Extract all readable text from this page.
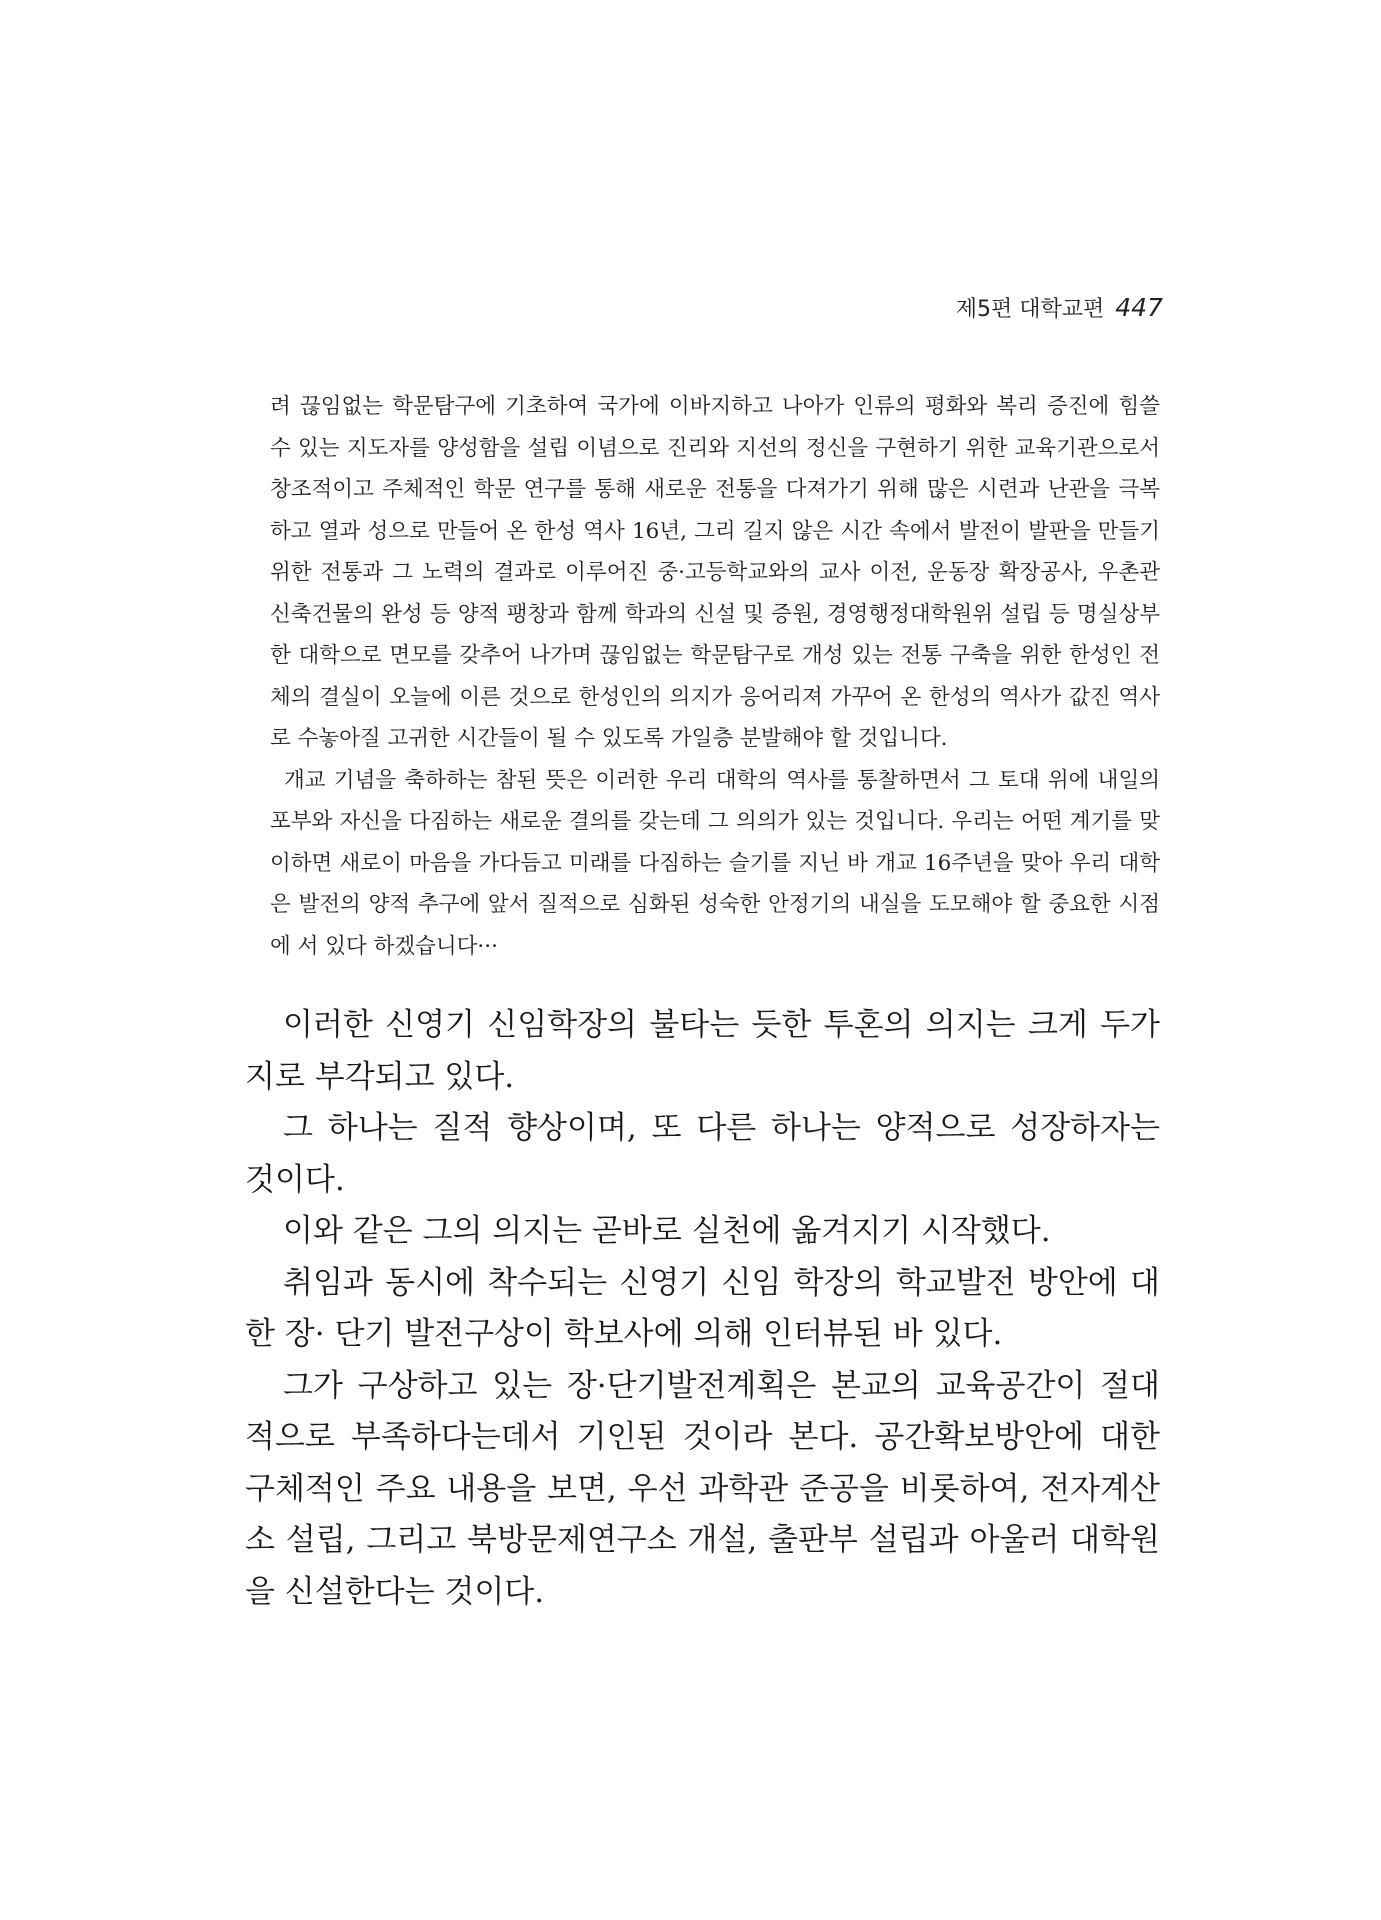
제5편 대학교편 447

려 끊임없는 학문탐구에 기초하여 국가에 이바지하고 나아가 인류의 평화와 복리 증진에 힘쓸 수 있는 지도자를 양성함을 설립 이념으로 진리와 지선의 정신을 구현하기 위한 교육기관으로서 창조적이고 주체적인 학문 연구를 통해 새로운 전통을 다져가기 위해 많은 시련과 난관을 극복하고 열과 성으로 만들어 온 한성 역사 16년, 그리 길지 않은 시간 속에서 발전이 발판을 만들기 위한 전통과 그 노력의 결과로 이루어진 중·고등학교와의 교사 이전, 운동장 확장공사, 우촌관 신축건물의 완성 등 양적 팽창과 함께 학과의 신설 및 증원, 경영행정대학원위 설립 등 명실상부한 대학으로 면모를 갖추어 나가며 끊임없는 학문탐구로 개성 있는 전통 구축을 위한 한성인 전체의 결실이 오늘에 이른 것으로 한성인의 의지가 응어리져 가꾸어 온 한성의 역사가 값진 역사로 수놓아질 고귀한 시간들이 될 수 있도록 가일층 분발해야 할 것입니다.

개교 기념을 축하하는 참된 뜻은 이러한 우리 대학의 역사를 통찰하면서 그 토대 위에 내일의 포부와 자신을 다짐하는 새로운 결의를 갖는데 그 의의가 있는 것입니다. 우리는 어떤 계기를 맞이하면 새로이 마음을 가다듬고 미래를 다짐하는 슬기를 지닌 바 개교 16주년을 맞아 우리 대학은 발전의 양적 추구에 앞서 질적으로 심화된 성숙한 안정기의 내실을 도모해야 할 중요한 시점에 서 있다 하겠습니다···

이러한 신영기 신임학장의 불타는 듯한 투혼의 의지는 크게 두가지로 부각되고 있다.

그 하나는 질적 향상이며, 또 다른 하나는 양적으로 성장하자는 것이다.

이와 같은 그의 의지는 곧바로 실천에 옮겨지기 시작했다.

취임과 동시에 착수되는 신영기 신임 학장의 학교발전 방안에 대한 장· 단기 발전구상이 학보사에 의해 인터뷰된 바 있다.

그가 구상하고 있는 장·단기발전계획은 본교의 교육공간이 절대적으로 부족하다는데서 기인된 것이라 본다. 공간확보방안에 대한 구체적인 주요 내용을 보면, 우선 과학관 준공을 비롯하여, 전자계산소 설립, 그리고 북방문제연구소 개설, 출판부 설립과 아울러 대학원을 신설한다는 것이다.
